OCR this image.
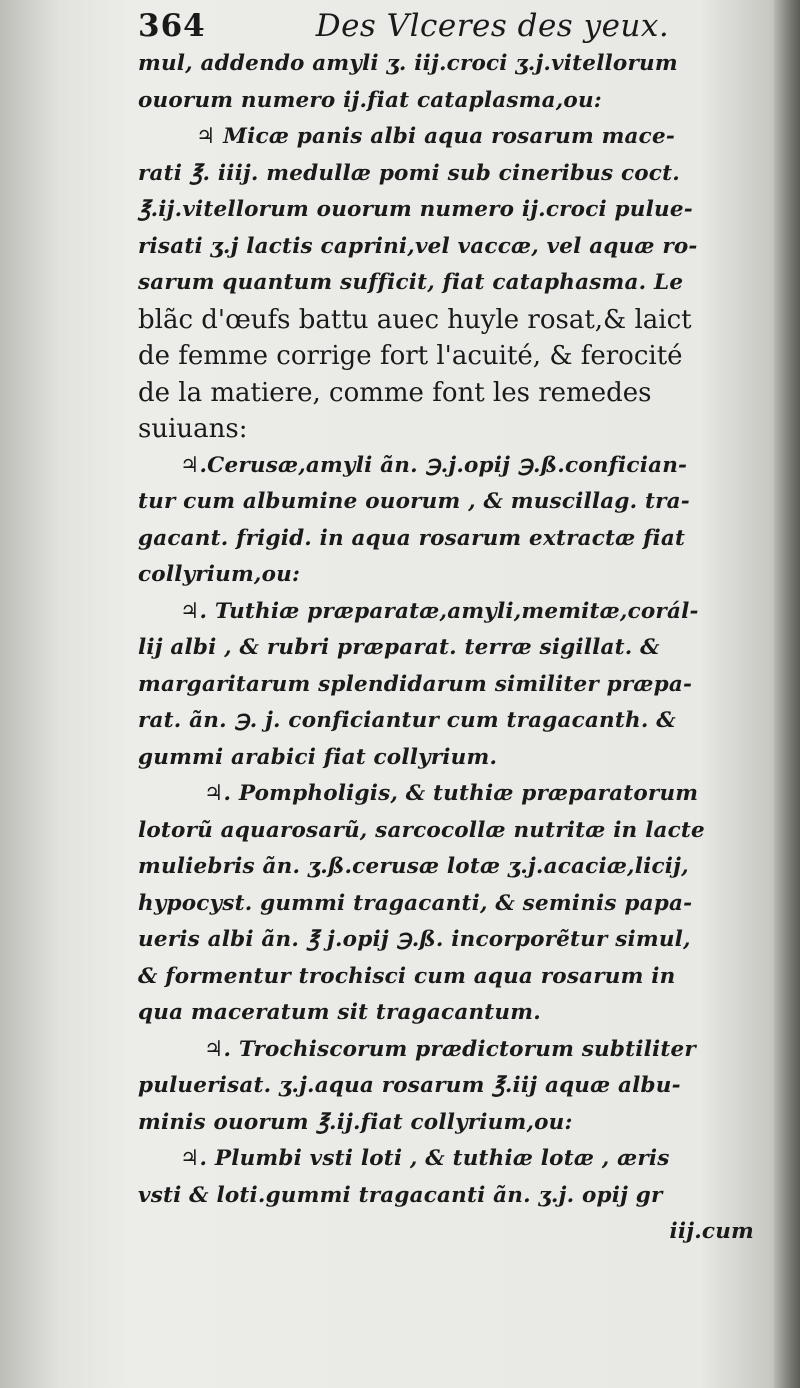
364	Des Vlceres des yeux.
mul, addendo amyli ʒ. iij.croci ʒ.j.vitellorum
ouorum numero ij.fiat cataplasma,ou:
♃ Micæ panis albi aqua rosarum mace-
rati ℥. iiij. medullæ pomi sub cineribus coct.
℥.ij.vitellorum ouorum numero ij.croci pulue-
risati ʒ.j lactis caprini,vel vaccæ, vel aquæ ro-
sarum quantum sufficit, fiat cataphasma. Le
blãc d'œufs battu auec huyle rosat,& laict
de femme corrige fort l'acuité, & ferocité
de la matiere, comme font les remedes
suiuans:
♃.Cerusæ,amyli ãn. ℈.j.opij ℈.ß.confician-
tur cum albumine ouorum , & muscillag. tra-
gacant. frigid. in aqua rosarum extractæ fiat
collyrium,ou:
♃. Tuthiæ præparatæ,amyli,memitæ,corál-
lij albi , & rubri præparat. terræ sigillat. &
margaritarum splendidarum similiter præpa-
rat. ãn. ℈. j. conficiantur cum tragacanth. &
gummi arabici fiat collyrium.
♃. Pompholigis, & tuthiæ præparatorum
lotorũ aquarosarũ, sarcocollæ nutritæ in lacte
muliebris ãn. ʒ.ß.cerusæ lotæ ʒ.j.acaciæ,licij,
hypocyst. gummi tragacanti, & seminis papa-
ueris albi ãn. ℥ j.opij ℈.ß. incorporẽtur simul,
& formentur trochisci cum aqua rosarum in
qua maceratum sit tragacantum.
♃. Trochiscorum prædictorum subtiliter
puluerisat. ʒ.j.aqua rosarum ℥.iij aquæ albu-
minis ouorum ℥.ij.fiat collyrium,ou:
♃. Plumbi vsti loti , & tuthiæ lotæ , æris
vsti & loti.gummi tragacanti ãn. ʒ.j. opij gr
iij.cum
